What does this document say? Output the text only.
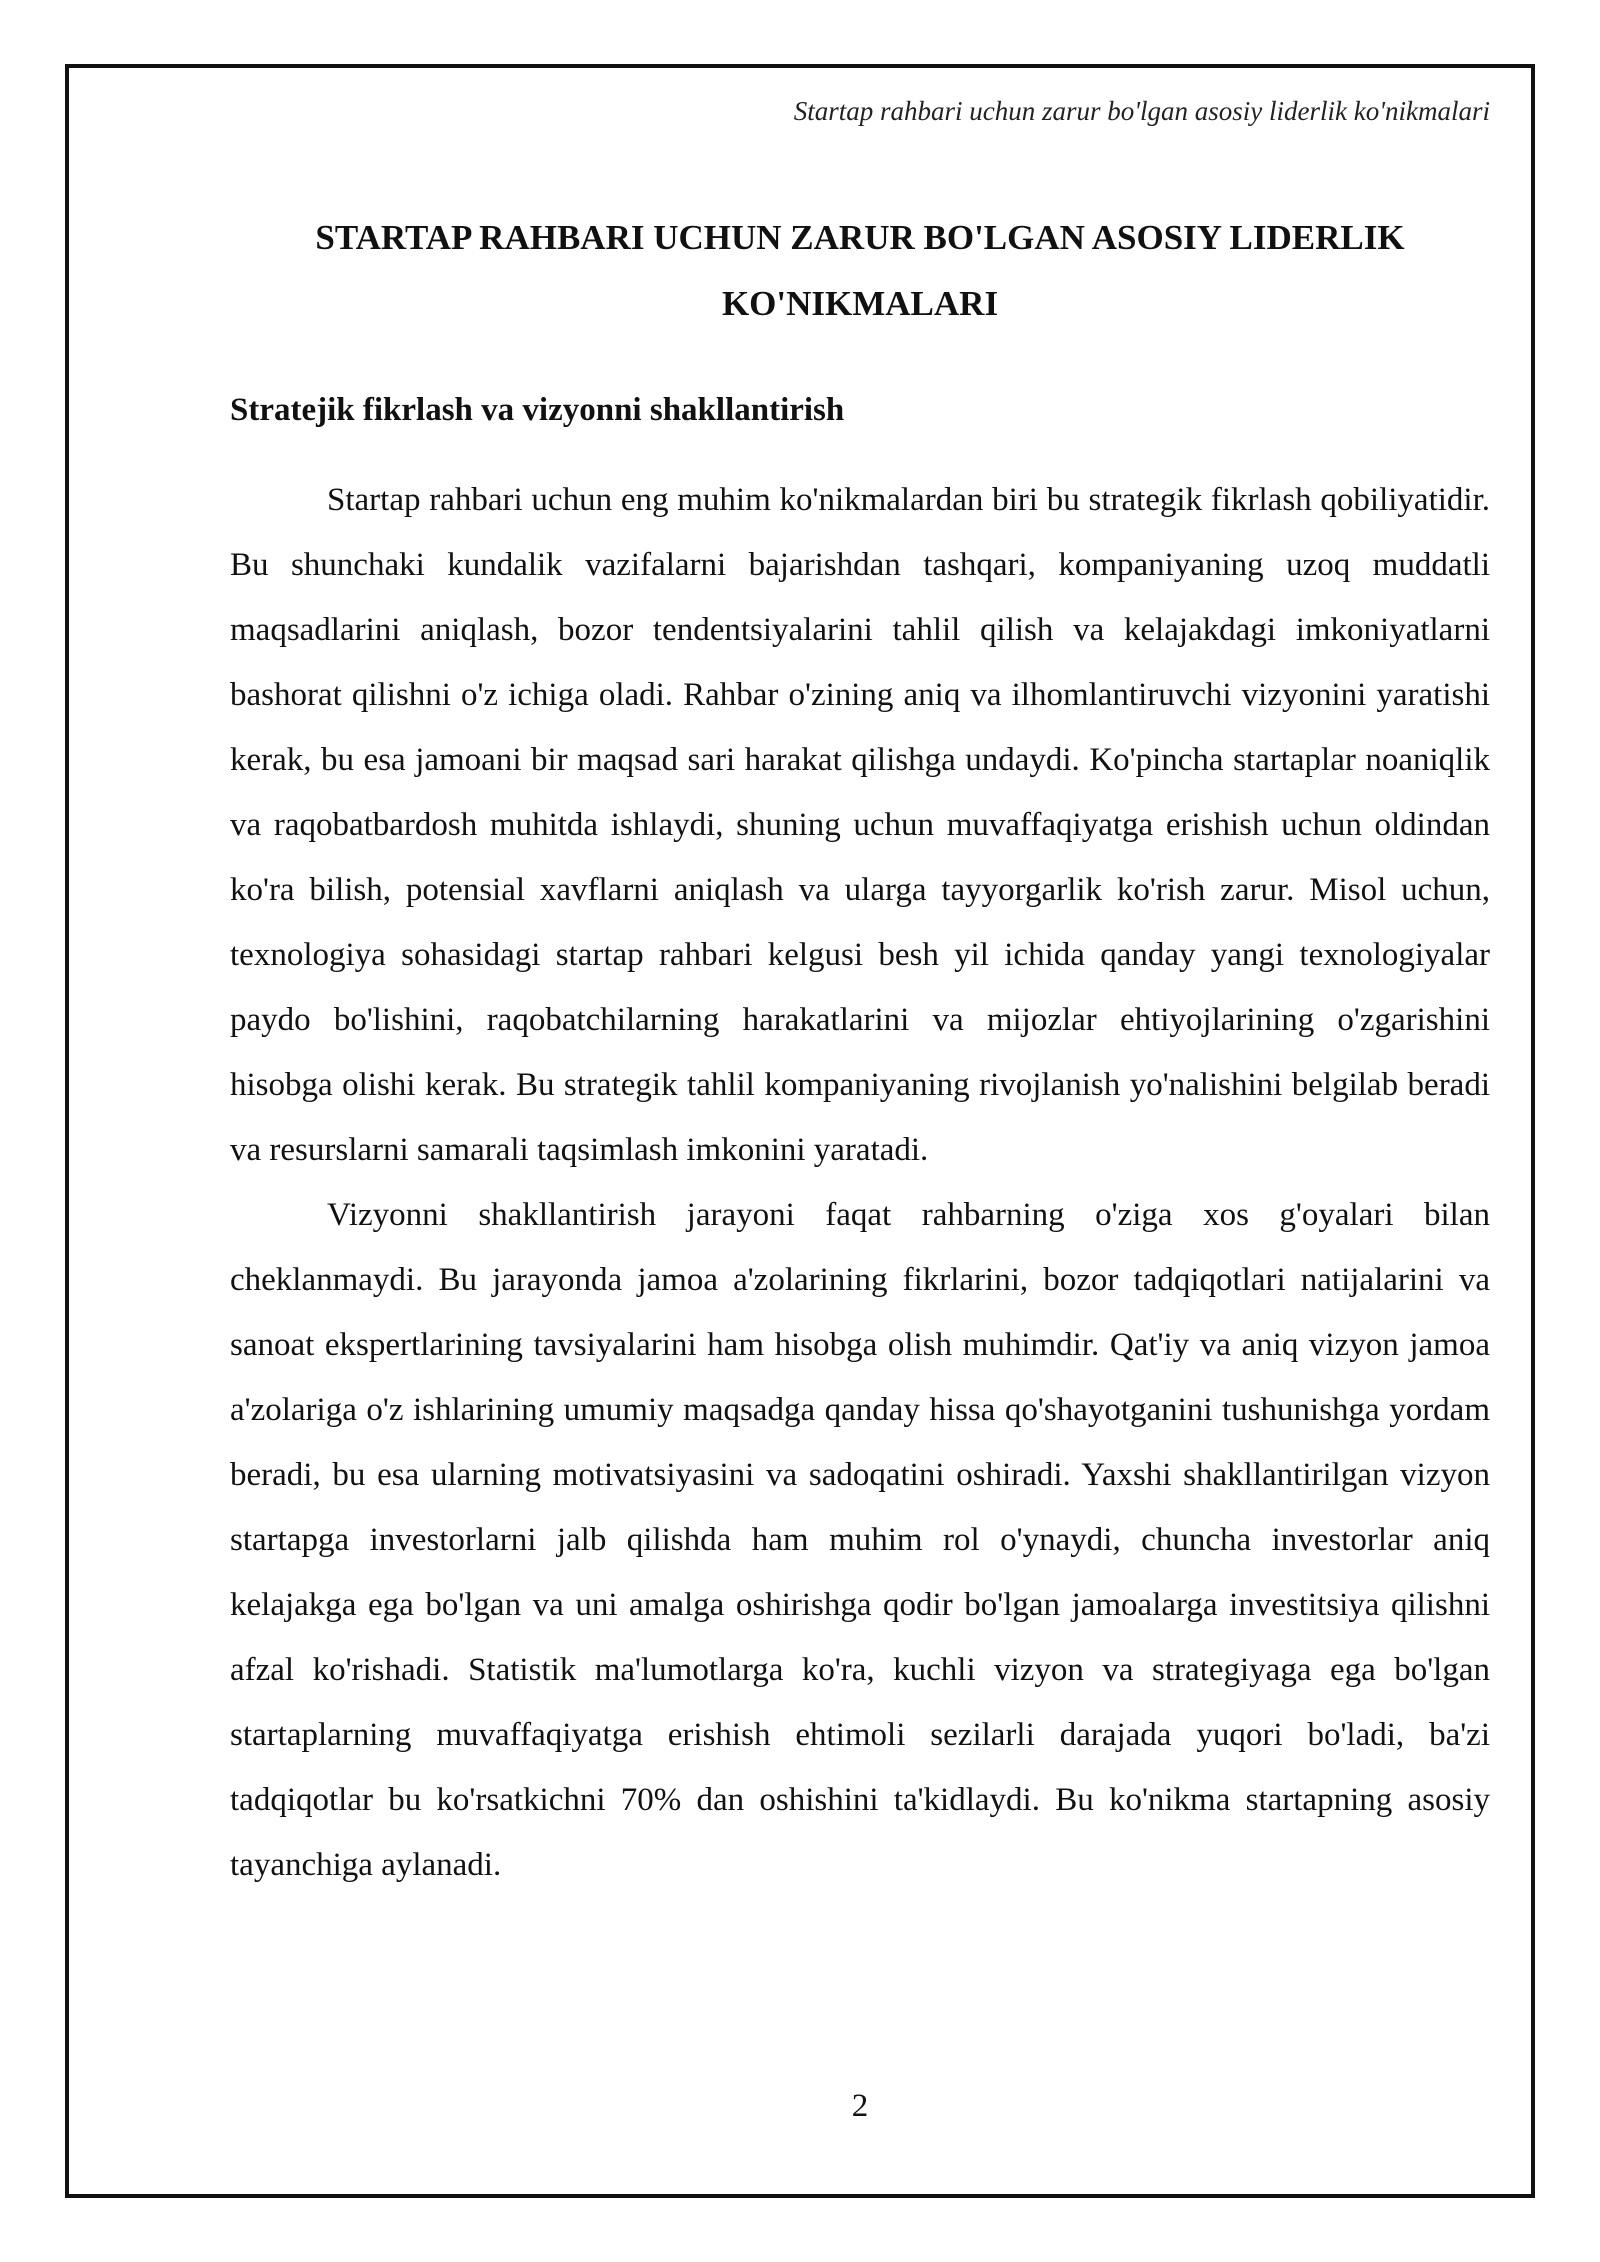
Startap rahbari uchun zarur bo'lgan asosiy liderlik ko'nikmalari
STARTAP RAHBARI UCHUN ZARUR BO'LGAN ASOSIY LIDERLIK
KO'NIKMALARI
Stratejik fikrlash va vizyonni shakllantirish

Startap rahbari uchun eng muhim ko'nikmalardan biri bu strategik fikrlash qobiliyatidir. Bu shunchaki kundalik vazifalarni bajarishdan tashqari, kompaniyaning uzoq muddatli maqsadlarini aniqlash, bozor tendentsiyalarini tahlil qilish va kelajakdagi imkoniyatlarni bashorat qilishni o'z ichiga oladi. Rahbar o'zining aniq va ilhomlantiruvchi vizyonini yaratishi kerak, bu esa jamoani bir maqsad sari harakat qilishga undaydi. Ko'pincha startaplar noaniqlik va raqobatbardosh muhitda ishlaydi, shuning uchun muvaffaqiyatga erishish uchun oldindan ko'ra bilish, potensial xavflarni aniqlash va ularga tayyorgarlik ko'rish zarur. Misol uchun, texnologiya sohasidagi startap rahbari kelgusi besh yil ichida qanday yangi texnologiyalar paydo bo'lishini, raqobatchilarning harakatlarini va mijozlar ehtiyojlarining o'zgarishini hisobga olishi kerak. Bu strategik tahlil kompaniyaning rivojlanish yo'nalishini belgilab beradi va resurslarni samarali taqsimlash imkonini yaratadi.

Vizyonni shakllantirish jarayoni faqat rahbarning o'ziga xos g'oyalari bilan cheklanmaydi. Bu jarayonda jamoa a'zolarining fikrlarini, bozor tadqiqotlari natijalarini va sanoat ekspertlarining tavsiyalarini ham hisobga olish muhimdir. Qat'iy va aniq vizyon jamoa a'zolariga o'z ishlarining umumiy maqsadga qanday hissa qo'shayotganini tushunishga yordam beradi, bu esa ularning motivatsiyasini va sadoqatini oshiradi. Yaxshi shakllantirilgan vizyon startapga investorlarni jalb qilishda ham muhim rol o'ynaydi, chuncha investorlar aniq kelajakga ega bo'lgan va uni amalga oshirishga qodir bo'lgan jamoalarga investitsiya qilishni afzal ko'rishadi. Statistik ma'lumotlarga ko'ra, kuchli vizyon va strategiyaga ega bo'lgan startaplarning muvaffaqiyatga erishish ehtimoli sezilarli darajada yuqori bo'ladi, ba'zi tadqiqotlar bu ko'rsatkichni 70% dan oshishini ta'kidlaydi. Bu ko'nikma startapning asosiy tayanchiga aylanadi.

2
